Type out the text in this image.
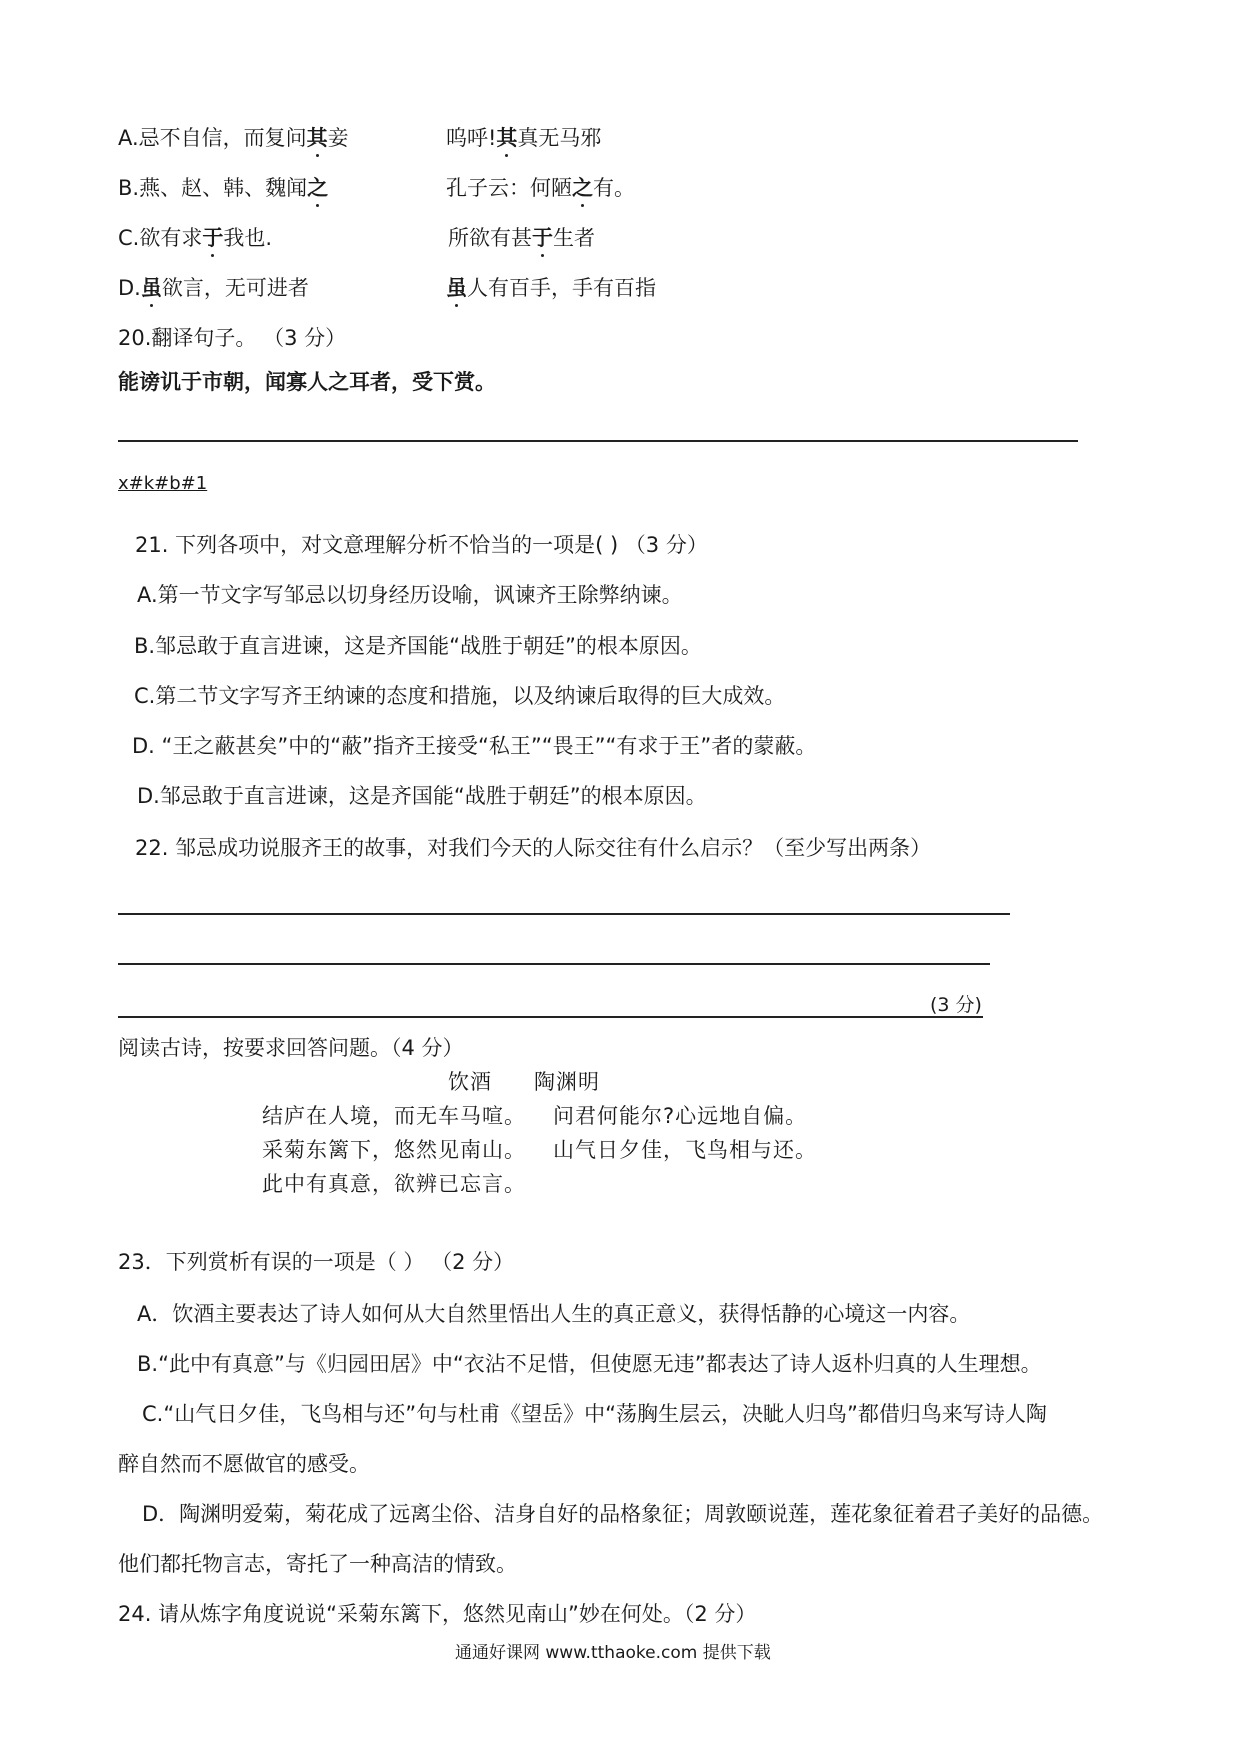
A.忌不自信，而复问其妾	呜呼!其真无马邪
B.燕、赵、韩、魏闻之	孔子云：何陋之有。
C.欲有求于我也.	所欲有甚于生者
D.虽欲言，无可进者	虽人有百手，手有百指
20.翻译句子。 （3 分）
能谤讥于市朝，闻寡人之耳者，受下赏。
x#k#b#1
21. 下列各项中，对文意理解分析不恰当的一项是( ) （3 分）
A.第一节文字写邹忌以切身经历设喻，讽谏齐王除弊纳谏。
B.邹忌敢于直言进谏，这是齐国能“战胜于朝廷”的根本原因。
C.第二节文字写齐王纳谏的态度和措施，以及纳谏后取得的巨大成效。
D. “王之蔽甚矣”中的“蔽”指齐王接受“私王”“畏王”“有求于王”者的蒙蔽。
D.邹忌敢于直言进谏，这是齐国能“战胜于朝廷”的根本原因。
22. 邹忌成功说服齐王的故事，对我们今天的人际交往有什么启示？（至少写出两条）
(3 分)
阅读古诗，按要求回答问题。（4 分）
饮酒 陶渊明
结庐在人境，而无车马喧。 问君何能尔?心远地自偏。
采菊东篱下，悠然见南山。 山气日夕佳，飞鸟相与还。
此中有真意，欲辨已忘言。
23．下列赏析有误的一项是（ ） （2 分）
A．饮酒主要表达了诗人如何从大自然里悟出人生的真正意义，获得恬静的心境这一内容。
B.“此中有真意”与《归园田居》中“衣沾不足惜，但使愿无违”都表达了诗人返朴归真的人生理想。
C.“山气日夕佳，飞鸟相与还”句与杜甫《望岳》中“荡胸生层云，决眦人归鸟”都借归鸟来写诗人陶
醉自然而不愿做官的感受。
D．陶渊明爱菊，菊花成了远离尘俗、洁身自好的品格象征；周敦颐说莲，莲花象征着君子美好的品德。
他们都托物言志，寄托了一种高洁的情致。
24. 请从炼字角度说说“采菊东篱下，悠然见南山”妙在何处。（2 分）
通通好课网 www.tthaoke.com 提供下载
